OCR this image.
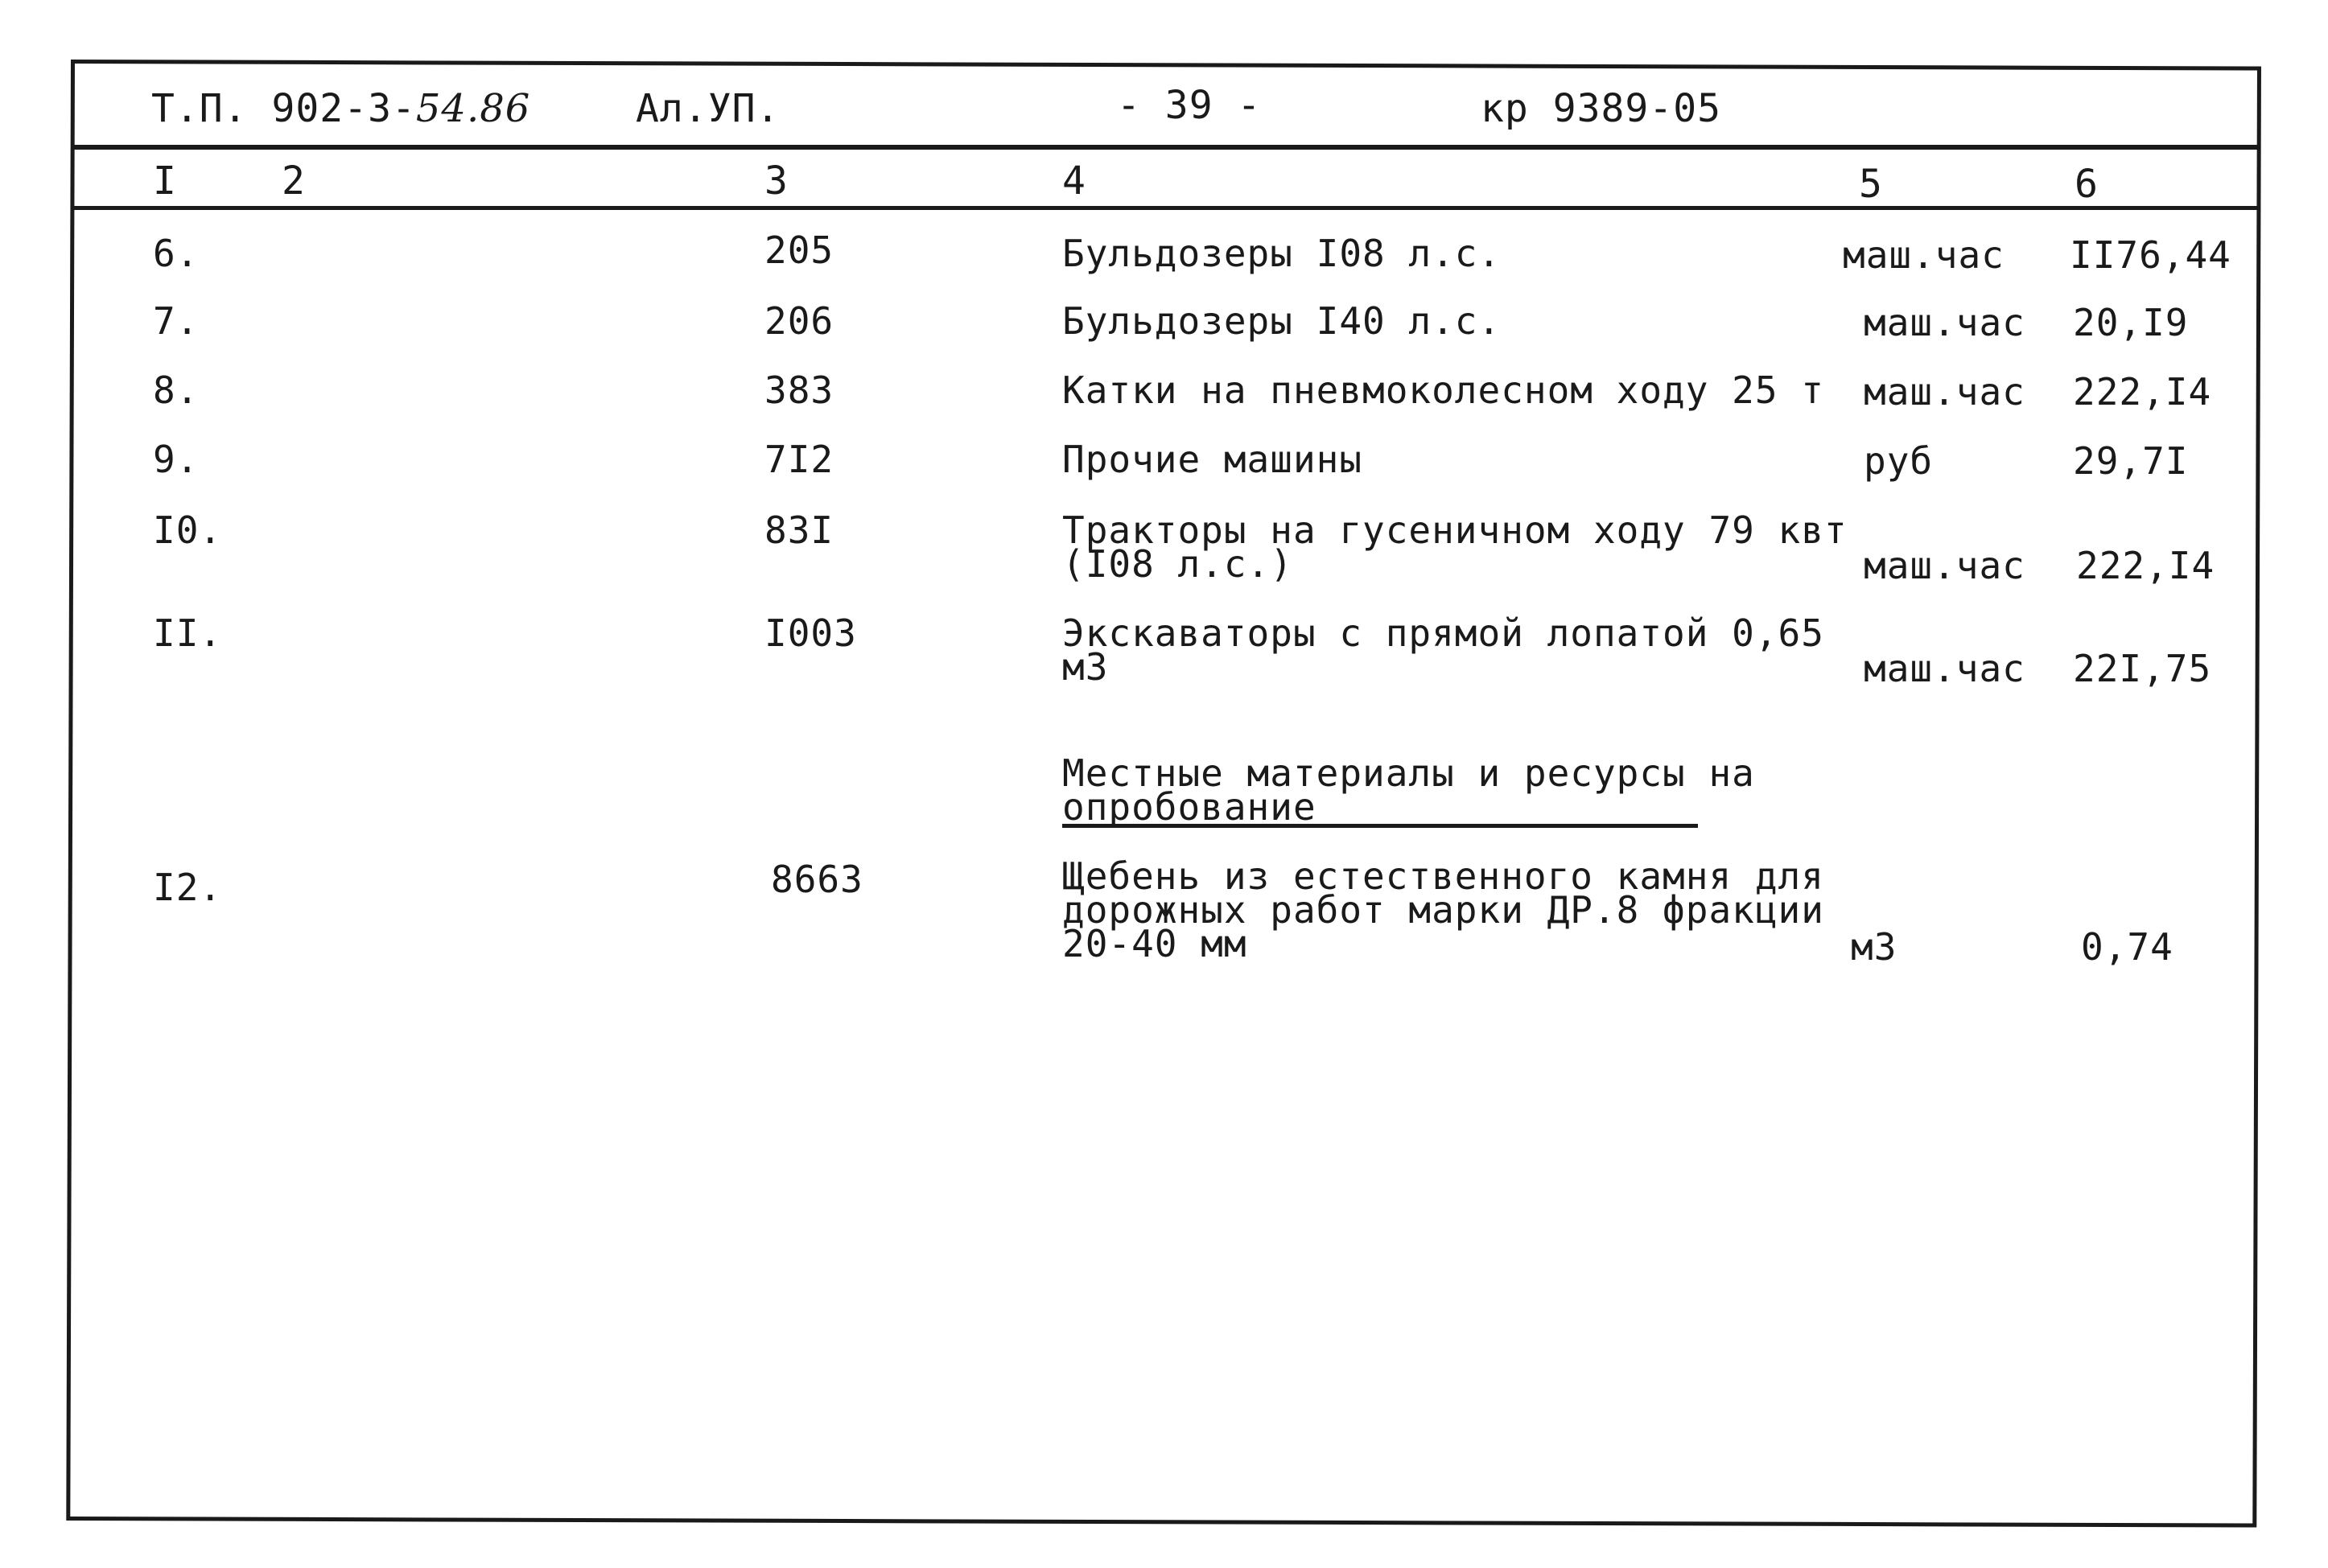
Т.П. 902-3-54.86	Ал.УП.	- 39 -	кр 9389-05
I	2	3	4	5	6
6.	205	Бульдозеры I08 л.с.	маш.час II76,44
7.	206	Бульдозеры I40 л.с.	маш.час 20,I9
8.	383	Катки на пневмоколесном ходу 25 т маш.час 222,I4
9.	7I2	Прочие машины	руб	29,7I
I0.	83I	Тракторы на гусеничном ходу 79 квт
(I08 л.с.)	маш.час 222,I4
II.	I003	Экскаваторы с прямой лопатой 0,65
м3	маш.час 22I,75
Местные материалы и ресурсы на
опробование
I2.	8663	Щебень из естественного камня для
дорожных работ марки ДР.8 фракции
20-40 мм	м3	0,74
